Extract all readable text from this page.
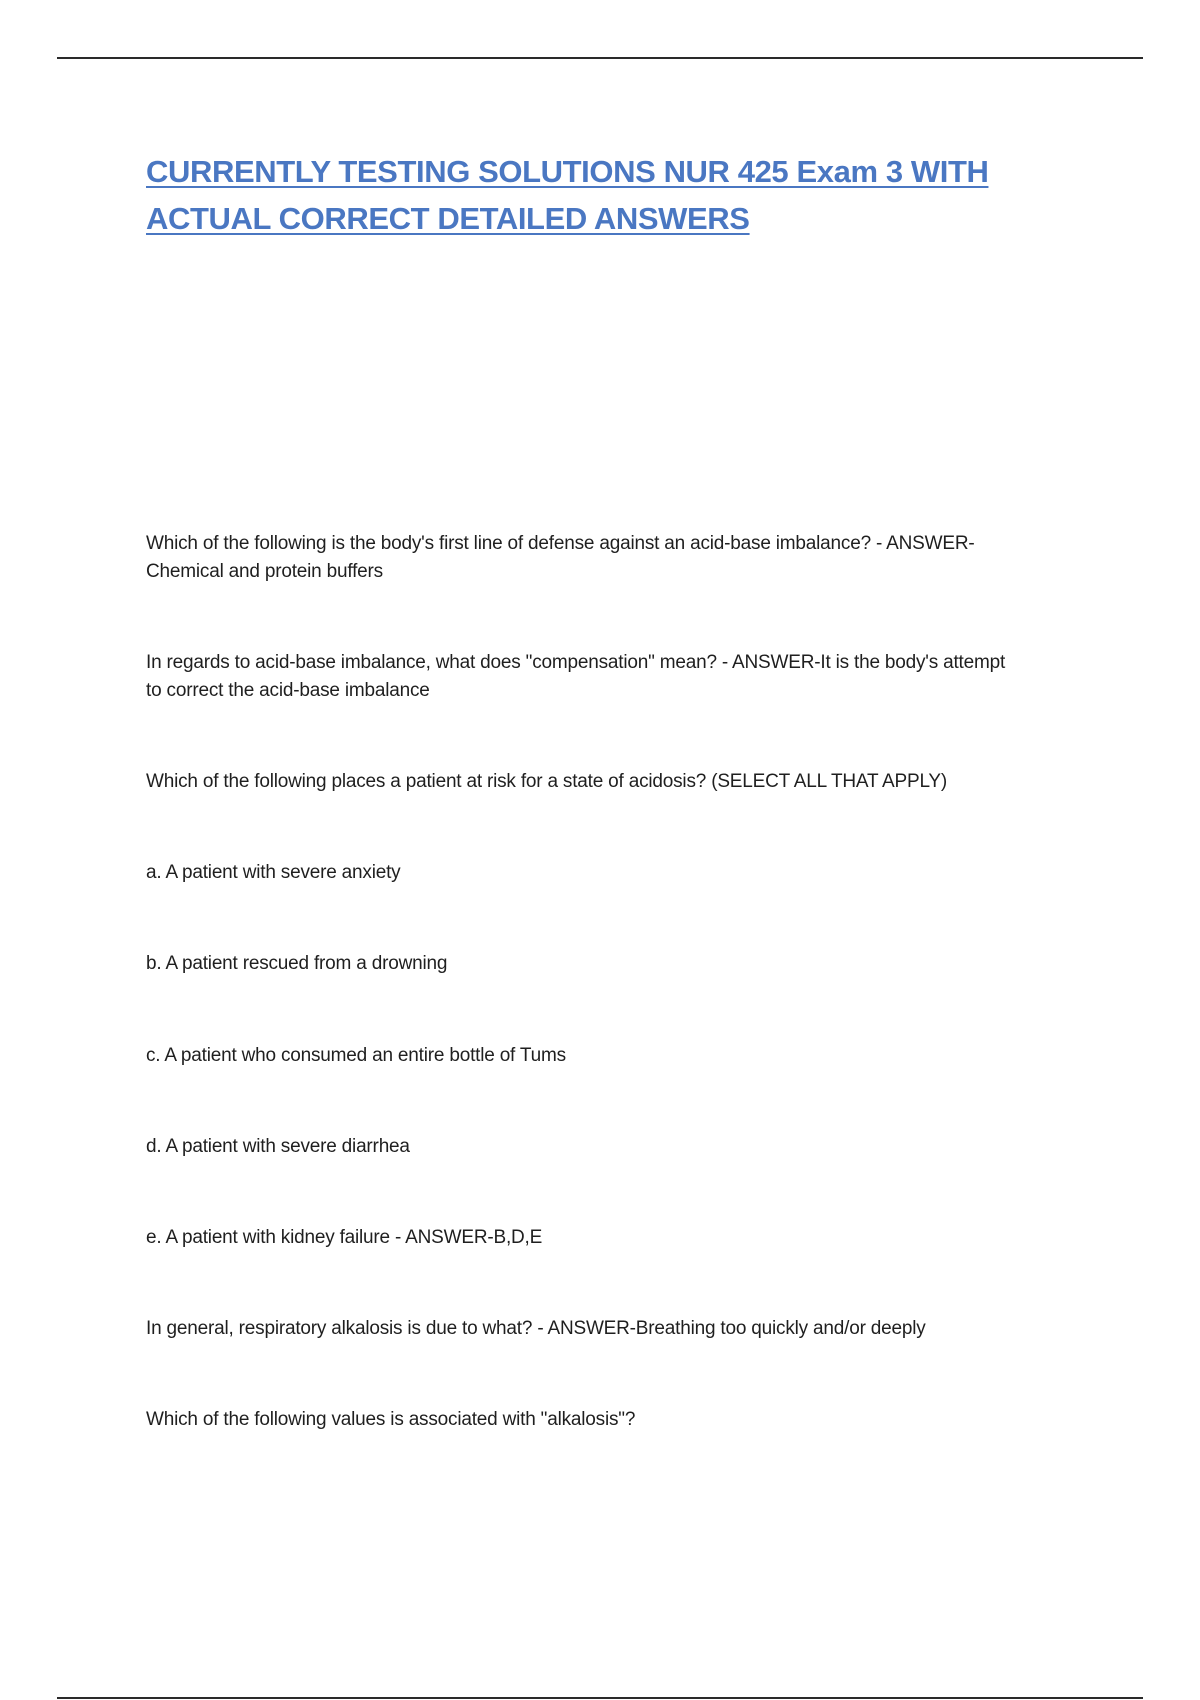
CURRENTLY TESTING SOLUTIONS NUR 425 Exam 3 WITH
ACTUAL CORRECT DETAILED ANSWERS

Which of the following is the body's first line of defense against an acid-base imbalance? - ANSWER-
Chemical and protein buffers

In regards to acid-base imbalance, what does "compensation" mean? - ANSWER-It is the body's attempt
to correct the acid-base imbalance

Which of the following places a patient at risk for a state of acidosis? (SELECT ALL THAT APPLY)

a. A patient with severe anxiety

b. A patient rescued from a drowning

c. A patient who consumed an entire bottle of Tums

d. A patient with severe diarrhea

e. A patient with kidney failure - ANSWER-B,D,E

In general, respiratory alkalosis is due to what? - ANSWER-Breathing too quickly and/or deeply

Which of the following values is associated with "alkalosis"?
